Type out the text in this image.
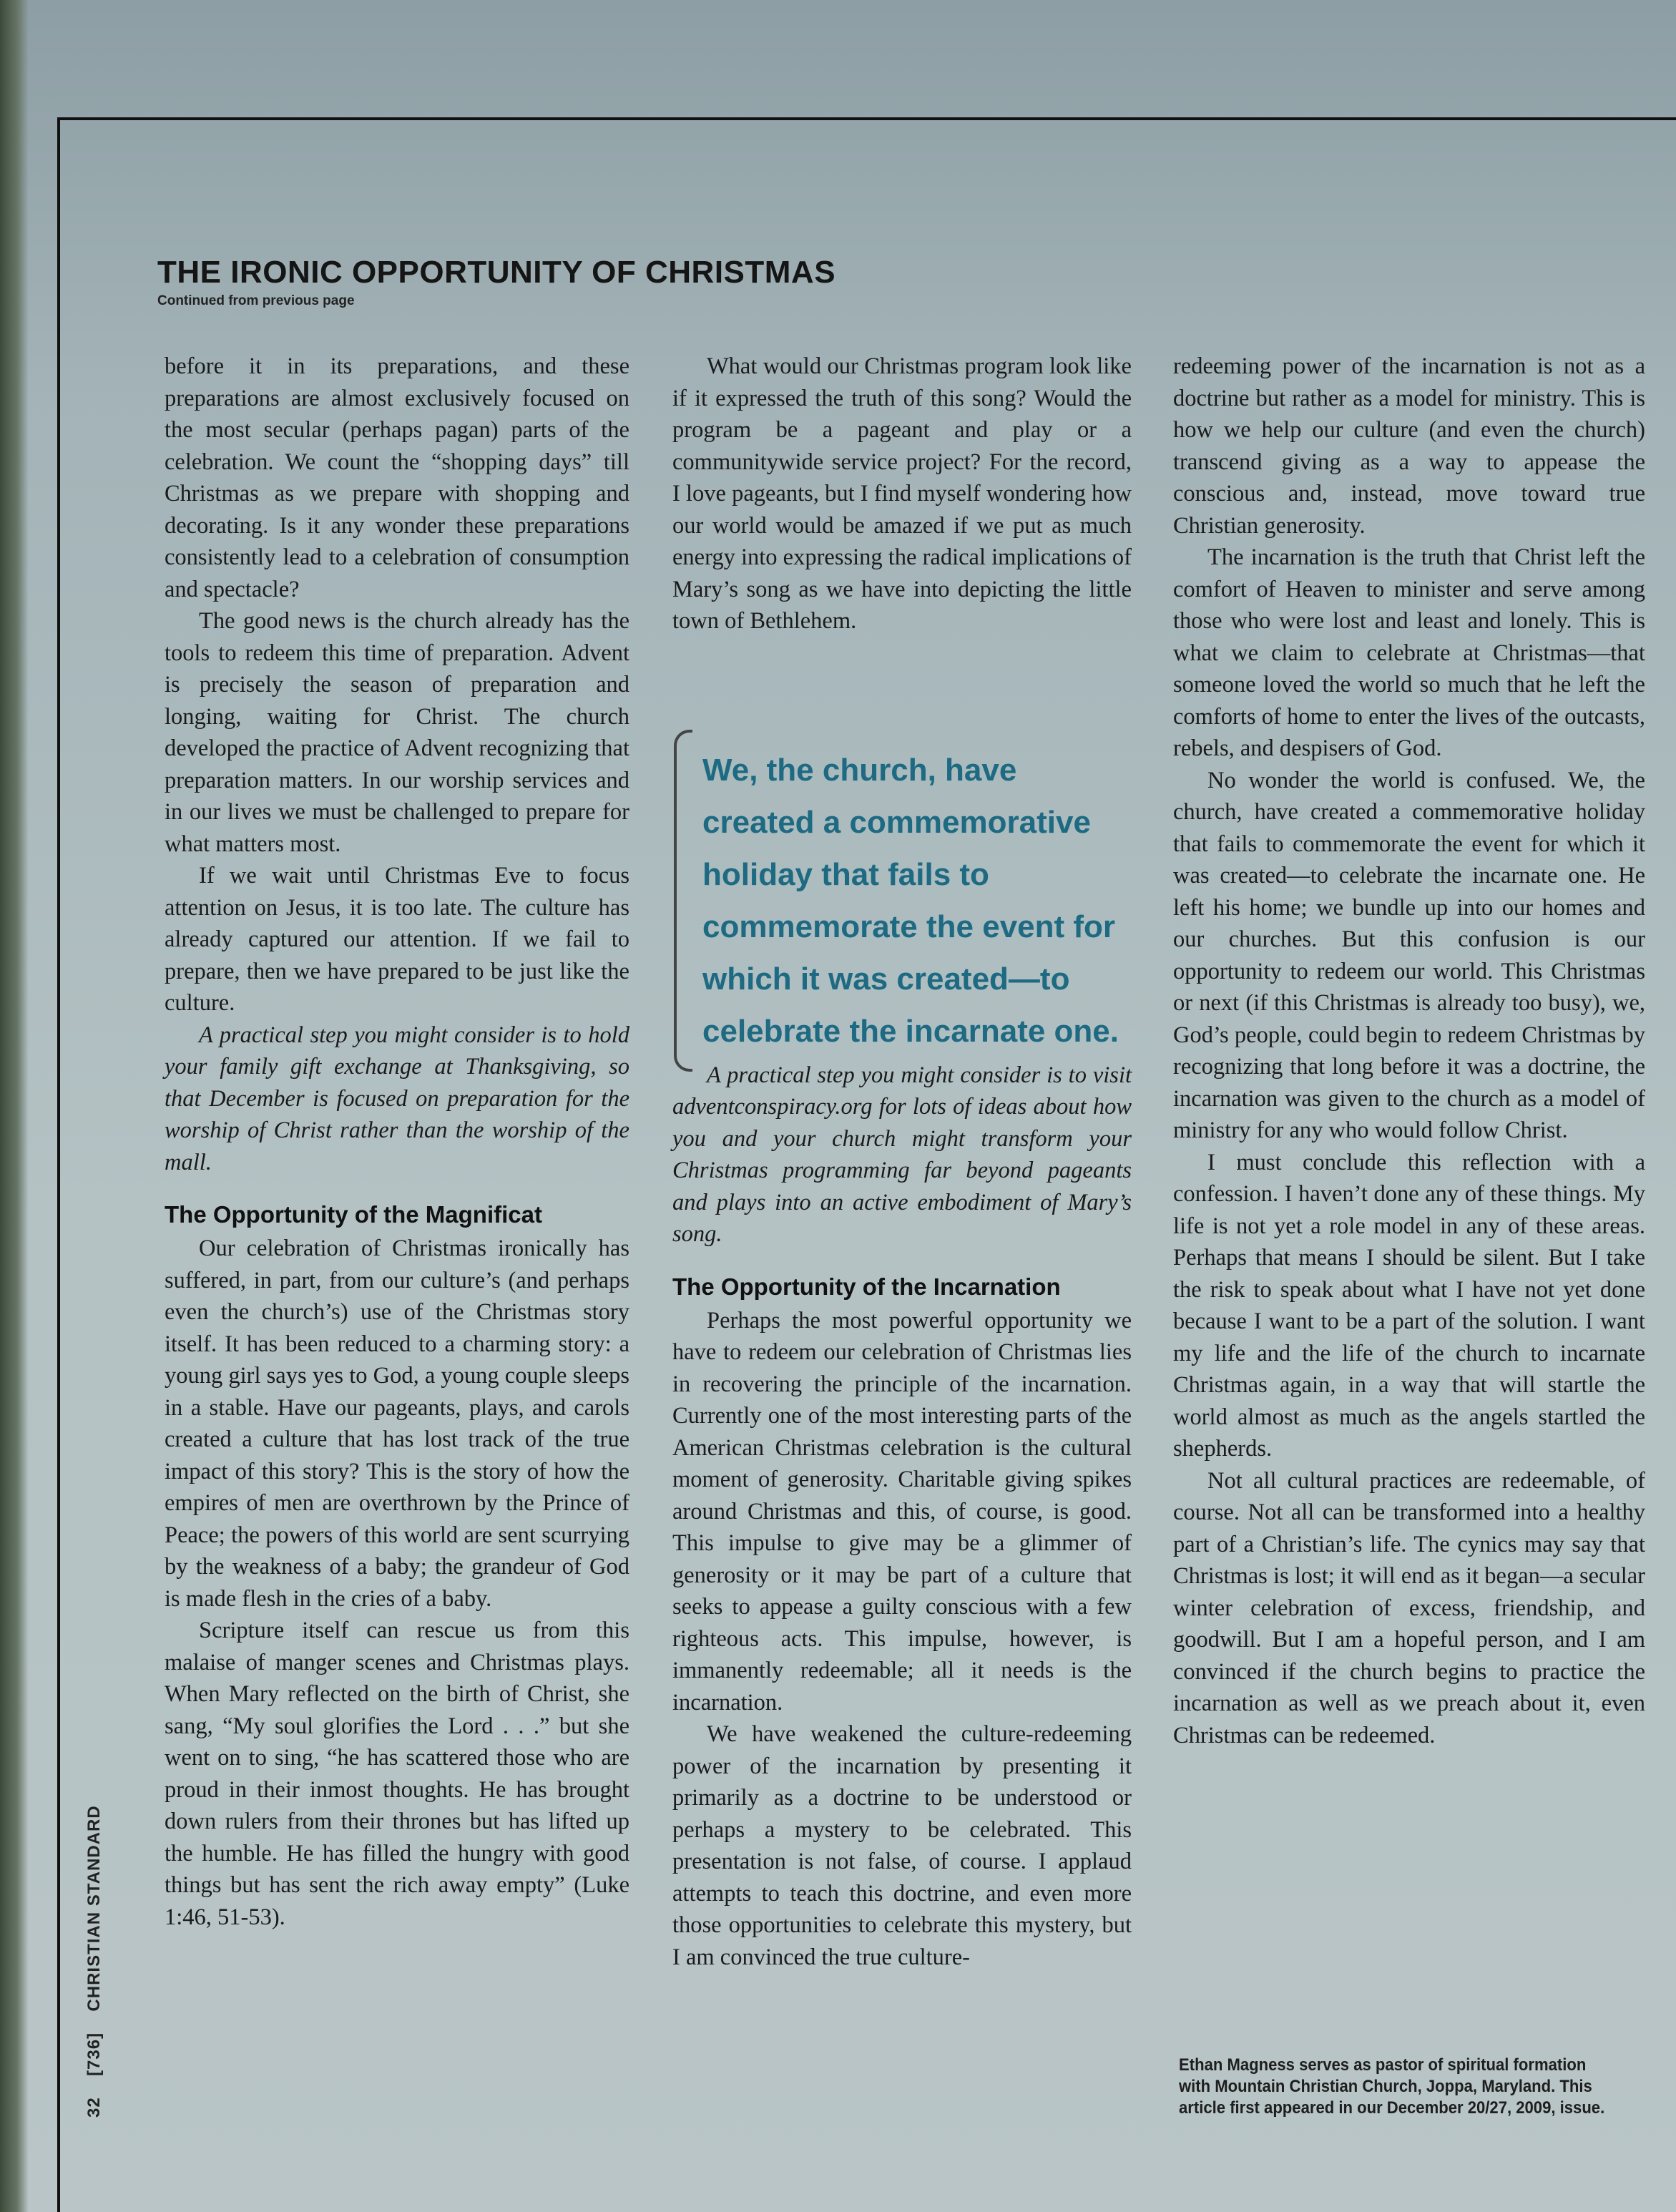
THE IRONIC OPPORTUNITY OF CHRISTMAS
Continued from previous page

before it in its preparations, and these preparations are almost exclusively focused on the most secular (perhaps pagan) parts of the celebration. We count the “shopping days” till Christmas as we prepare with shopping and decorating. Is it any wonder these preparations consistently lead to a celebration of consumption and spectacle?

The good news is the church already has the tools to redeem this time of preparation. Advent is precisely the season of preparation and longing, waiting for Christ. The church developed the practice of Advent recognizing that preparation matters. In our worship services and in our lives we must be challenged to prepare for what matters most.

If we wait until Christmas Eve to focus attention on Jesus, it is too late. The culture has already captured our attention. If we fail to prepare, then we have prepared to be just like the culture.

A practical step you might consider is to hold your family gift exchange at Thanksgiving, so that December is focused on preparation for the worship of Christ rather than the worship of the mall.

The Opportunity of the Magnificat

Our celebration of Christmas ironically has suffered, in part, from our culture’s (and perhaps even the church’s) use of the Christmas story itself. It has been reduced to a charming story: a young girl says yes to God, a young couple sleeps in a stable. Have our pageants, plays, and carols created a culture that has lost track of the true impact of this story? This is the story of how the empires of men are overthrown by the Prince of Peace; the powers of this world are sent scurrying by the weakness of a baby; the grandeur of God is made flesh in the cries of a baby.

Scripture itself can rescue us from this malaise of manger scenes and Christmas plays. When Mary reflected on the birth of Christ, she sang, “My soul glorifies the Lord . . .” but she went on to sing, “he has scattered those who are proud in their inmost thoughts. He has brought down rulers from their thrones but has lifted up the humble. He has filled the hungry with good things but has sent the rich away empty” (Luke 1:46, 51-53).

What would our Christmas program look like if it expressed the truth of this song? Would the program be a pageant and play or a communitywide service project? For the record, I love pageants, but I find myself wondering how our world would be amazed if we put as much energy into expressing the radical implications of Mary’s song as we have into depicting the little town of Bethlehem.

A practical step you might consider is to visit adventconspiracy.org for lots of ideas about how you and your church might transform your Christmas programming far beyond pageants and plays into an active embodiment of Mary’s song.

The Opportunity of the Incarnation

Perhaps the most powerful opportunity we have to redeem our celebration of Christmas lies in recovering the principle of the incarnation. Currently one of the most interesting parts of the American Christmas celebration is the cultural moment of generosity. Charitable giving spikes around Christmas and this, of course, is good. This impulse to give may be a glimmer of generosity or it may be part of a culture that seeks to appease a guilty conscious with a few righteous acts. This impulse, however, is immanently redeemable; all it needs is the incarnation.

We have weakened the culture-redeeming power of the incarnation by presenting it primarily as a doctrine to be understood or perhaps a mystery to be celebrated. This presentation is not false, of course. I applaud attempts to teach this doctrine, and even more those opportunities to celebrate this mystery, but I am convinced the true culture-

We, the church, have created a commemorative holiday that fails to commemorate the event for which it was created—to celebrate the incarnate one.

redeeming power of the incarnation is not as a doctrine but rather as a model for ministry. This is how we help our culture (and even the church) transcend giving as a way to appease the conscious and, instead, move toward true Christian generosity.

The incarnation is the truth that Christ left the comfort of Heaven to minister and serve among those who were lost and least and lonely. This is what we claim to celebrate at Christmas—that someone loved the world so much that he left the comforts of home to enter the lives of the outcasts, rebels, and despisers of God.

No wonder the world is confused. We, the church, have created a commemorative holiday that fails to commemorate the event for which it was created—to celebrate the incarnate one. He left his home; we bundle up into our homes and our churches. But this confusion is our opportunity to redeem our world. This Christmas or next (if this Christmas is already too busy), we, God’s people, could begin to redeem Christmas by recognizing that long before it was a doctrine, the incarnation was given to the church as a model of ministry for any who would follow Christ.

I must conclude this reflection with a confession. I haven’t done any of these things. My life is not yet a role model in any of these areas. Perhaps that means I should be silent. But I take the risk to speak about what I have not yet done because I want to be a part of the solution. I want my life and the life of the church to incarnate Christmas again, in a way that will startle the world almost as much as the angels startled the shepherds.

Not all cultural practices are redeemable, of course. Not all can be transformed into a healthy part of a Christian’s life. The cynics may say that Christmas is lost; it will end as it began—a secular winter celebration of excess, friendship, and goodwill. But I am a hopeful person, and I am convinced if the church begins to practice the incarnation as well as we preach about it, even Christmas can be redeemed.

Ethan Magness serves as pastor of spiritual formation with Mountain Christian Church, Joppa, Maryland. This article first appeared in our December 20/27, 2009, issue.
32  [736]  CHRISTIAN STANDARD
